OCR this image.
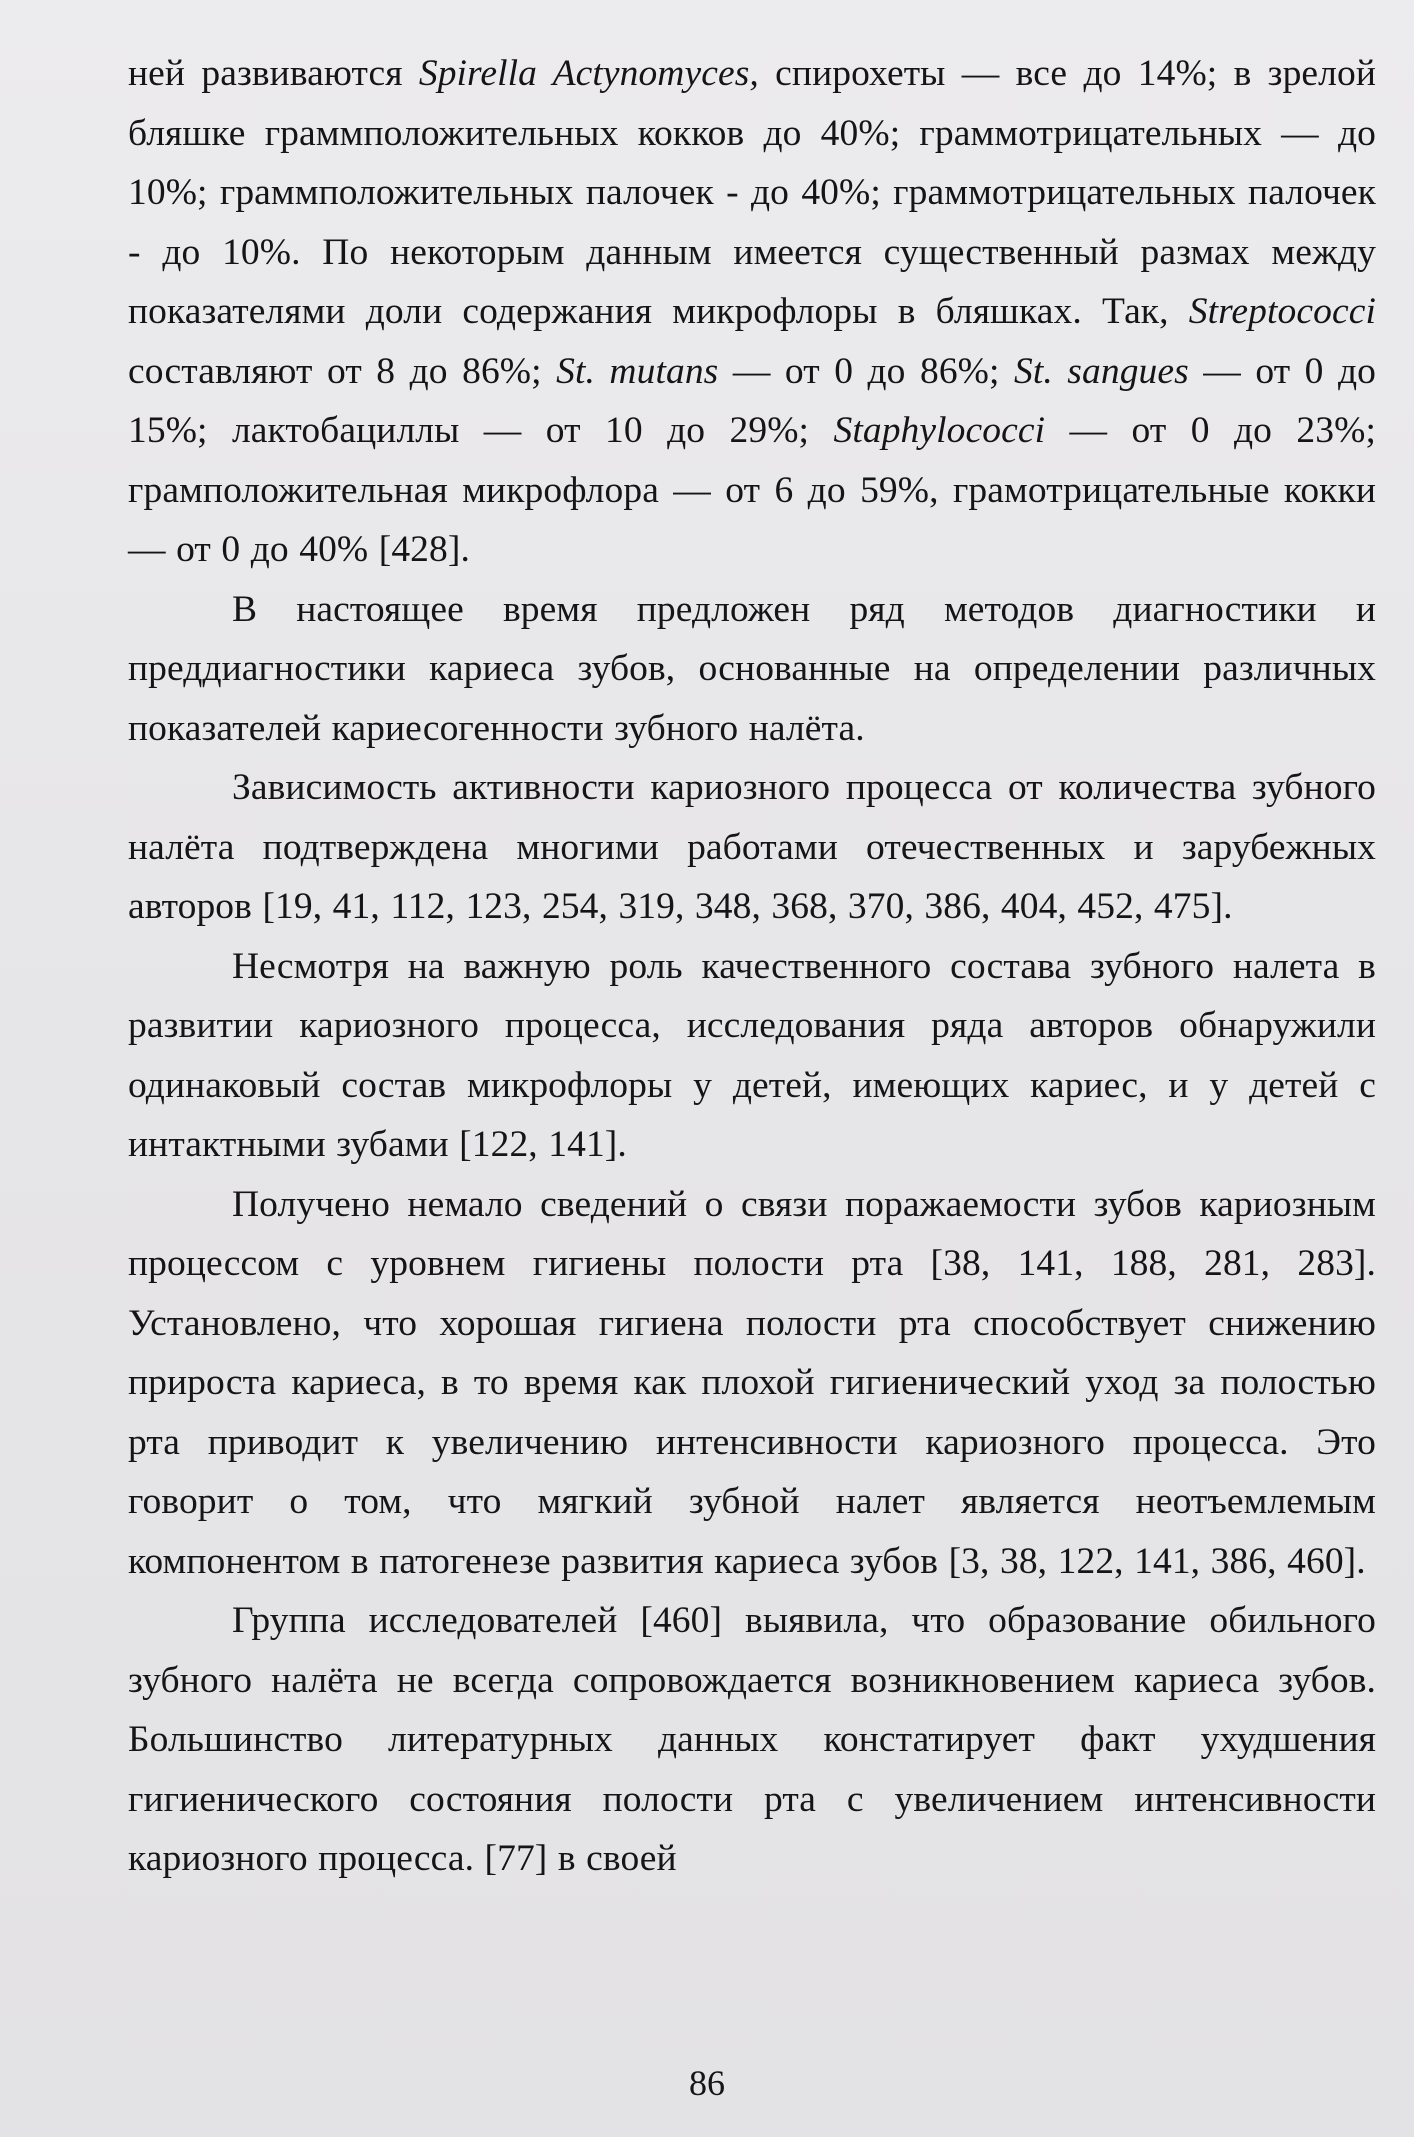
ней развиваются Spirella Actynomyces, спирохеты — все до 14%; в зрелой бляшке граммположительных кокков до 40%; граммотрицательных — до 10%; граммположительных палочек - до 40%; граммотрицательных палочек - до 10%. По некоторым данным имеется существенный размах между показателями доли содержания микрофлоры в бляшках. Так, Streptococci составляют от 8 до 86%; St. mutans — от 0 до 86%; St. sangues — от 0 до 15%; лактобациллы — от 10 до 29%; Staphylococci — от 0 до 23%; грамположительная микрофлора — от 6 до 59%, грамотрицательные кокки — от 0 до 40% [428].

В настоящее время предложен ряд методов диагностики и преддиагностики кариеса зубов, основанные на определении различных показателей кариесогенности зубного налёта.

Зависимость активности кариозного процесса от количества зубного налёта подтверждена многими работами отечественных и зарубежных авторов [19, 41, 112, 123, 254, 319, 348, 368, 370, 386, 404, 452, 475].

Несмотря на важную роль качественного состава зубного налета в развитии кариозного процесса, исследования ряда авторов обнаружили одинаковый состав микрофлоры у детей, имеющих кариес, и у детей с интактными зубами [122, 141].

Получено немало сведений о связи поражаемости зубов кариозным процессом с уровнем гигиены полости рта [38, 141, 188, 281, 283]. Установлено, что хорошая гигиена полости рта способствует снижению прироста кариеса, в то время как плохой гигиенический уход за полостью рта приводит к увеличению интенсивности кариозного процесса. Это говорит о том, что мягкий зубной налет является неотъемлемым компонентом в патогенезе развития кариеса зубов [3, 38, 122, 141, 386, 460].

Группа исследователей [460] выявила, что образование обильного зубного налёта не всегда сопровождается возникновением кариеса зубов. Большинство литературных данных констатирует факт ухудшения гигиенического состояния полости рта с увеличением интенсивности кариозного процесса. [77] в своей

86
